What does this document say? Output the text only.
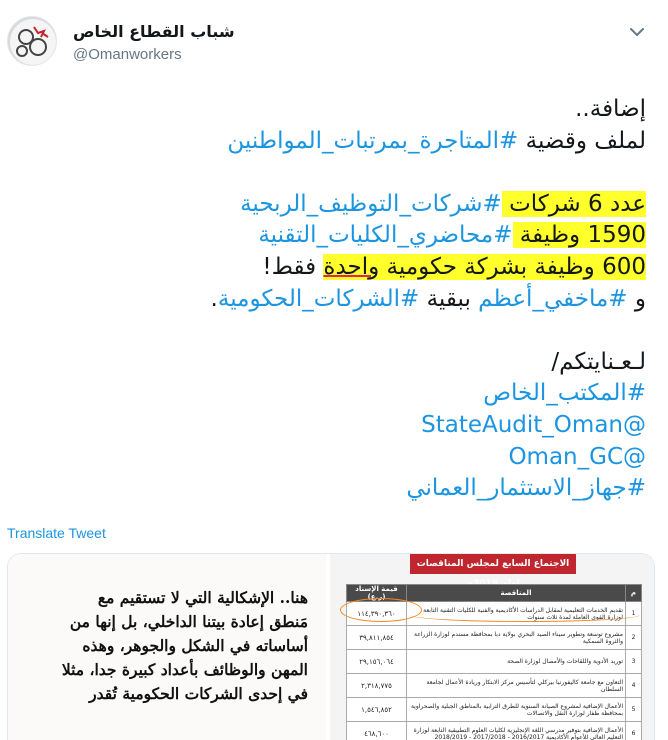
شباب القطاع الخاص
@Omanworkers
إضافة..
لملف وقضية #المتاجرة_بمرتبات_المواطنين
عدد 6 شركات #شركات_التوظيف_الربحية
1590 وظيفة #محاضري_الكليات_التقنية
600 وظيفة بشركة حكومية واحدة فقط!
و #ماخفي_أعظم ببقية #الشركات_الحكومية.
لـعـنايتكم/
#المكتب_الخاص
@StateAudit_Oman
@Oman_GC
#جهاز_الاستثمار_العماني
Translate Tweet
هنا.. الإشكالية التي لا تستقيم مع
مَنطق إعادة بيتنا الداخلي، بل إنها من
أساساته في الشكل والجوهر، وهذه
المهن والوظائف بأعداد كبيرة جدا، مثلا
في إحدى الشركات الحكومية تُقدر
الاجتماع السابع لمجلس المناقصات
م	المناقصة	قيمة الإسناد (ر.ع)
1	تقديم الخدمات التعليمية لمقابل الدراسات الأكاديمية والفنية للكليات التقنية التابعة لوزارة القوى العاملة لمدة ثلاث سنوات	١١٤,٣٩٠,٣٦٠
2	مشروع توسعة وتطوير سيناء الصيد البحري بولاية دبا بمحافظة مسندم لوزارة الزراعة والثروة السمكية	٣٩,٨١١,٨٥٤
3	توريد الأدوية واللقاحات والأمصال لوزارة الصحة	٢٩,١٥٦,٠٦٤
4	التعاون مع جامعة كاليفورنيا بيركلي لتأسيس مركز الابتكار وريادة الأعمال لجامعة السلطان	٢,٣١٨,٧٧٥
5	الأعمال الإضافية لمشروع الصيانة السنوية للطرق الترابية بالمناطق الجبلية والصحراوية بمحافظة ظفار لوزارة النقل والاتصالات	١,٥٤٦,٨٥٢
6	الأعمال الإضافية بتوفير مدرسي اللغة الإنجليزية لكليات العلوم التطبيقية التابعة لوزارة التعليم العالي للأعوام الأكاديمية 2016/2017 - 2017/2018 - 2018/2019	٤٦٨,٦٠٠
